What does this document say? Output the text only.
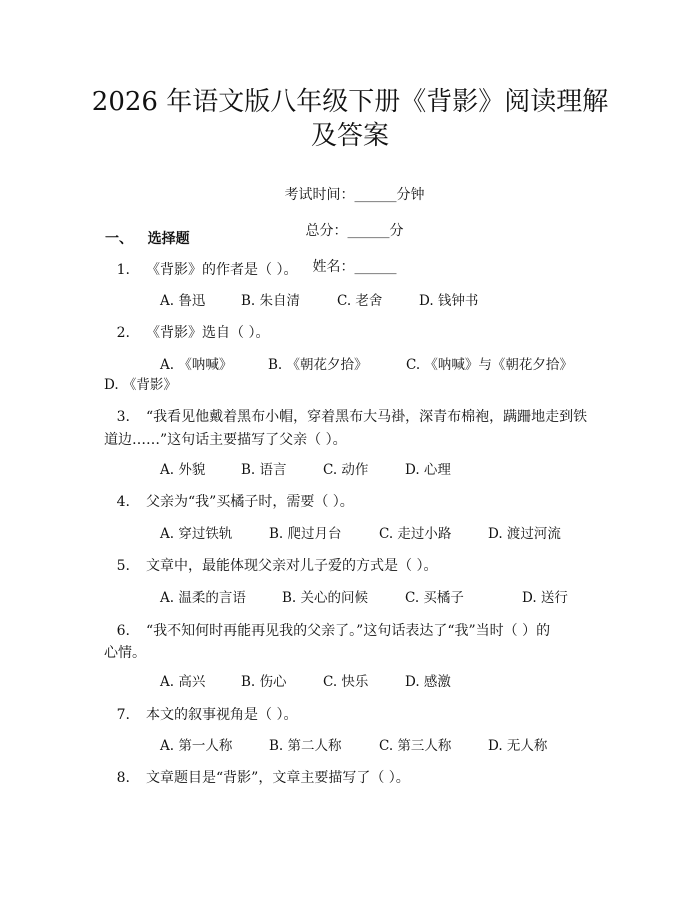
2026 年语文版八年级下册《背影》阅读理解
及答案

考试时间：______分钟

总分：______分

姓名：______

一、   选择题
1. 《背影》的作者是（ ）。
A. 鲁迅	B. 朱自清	C. 老舍	D. 钱钟书
2. 《背影》选自（ ）。
A. 《呐喊》	B. 《朝花夕拾》	C. 《呐喊》与《朝花夕拾》
D. 《背影》
3. “我看见他戴着黑布小帽，穿着黑布大马褂，深青布棉袍，蹒跚地走到铁
道边……”这句话主要描写了父亲（ ）。
A. 外貌	B. 语言	C. 动作	D. 心理
4. 父亲为“我”买橘子时，需要（ ）。
A. 穿过铁轨	B. 爬过月台	C. 走过小路	D. 渡过河流
5. 文章中，最能体现父亲对儿子爱的方式是（ ）。
A. 温柔的言语	B. 关心的问候	C. 买橘子	D. 送行
6. “我不知何时再能再见我的父亲了。”这句话表达了“我”当时（ ）的
心情。
A. 高兴	B. 伤心	C. 快乐	D. 感激
7. 本文的叙事视角是（ ）。
A. 第一人称	B. 第二人称	C. 第三人称	D. 无人称
8. 文章题目是“背影”，文章主要描写了（ ）。
